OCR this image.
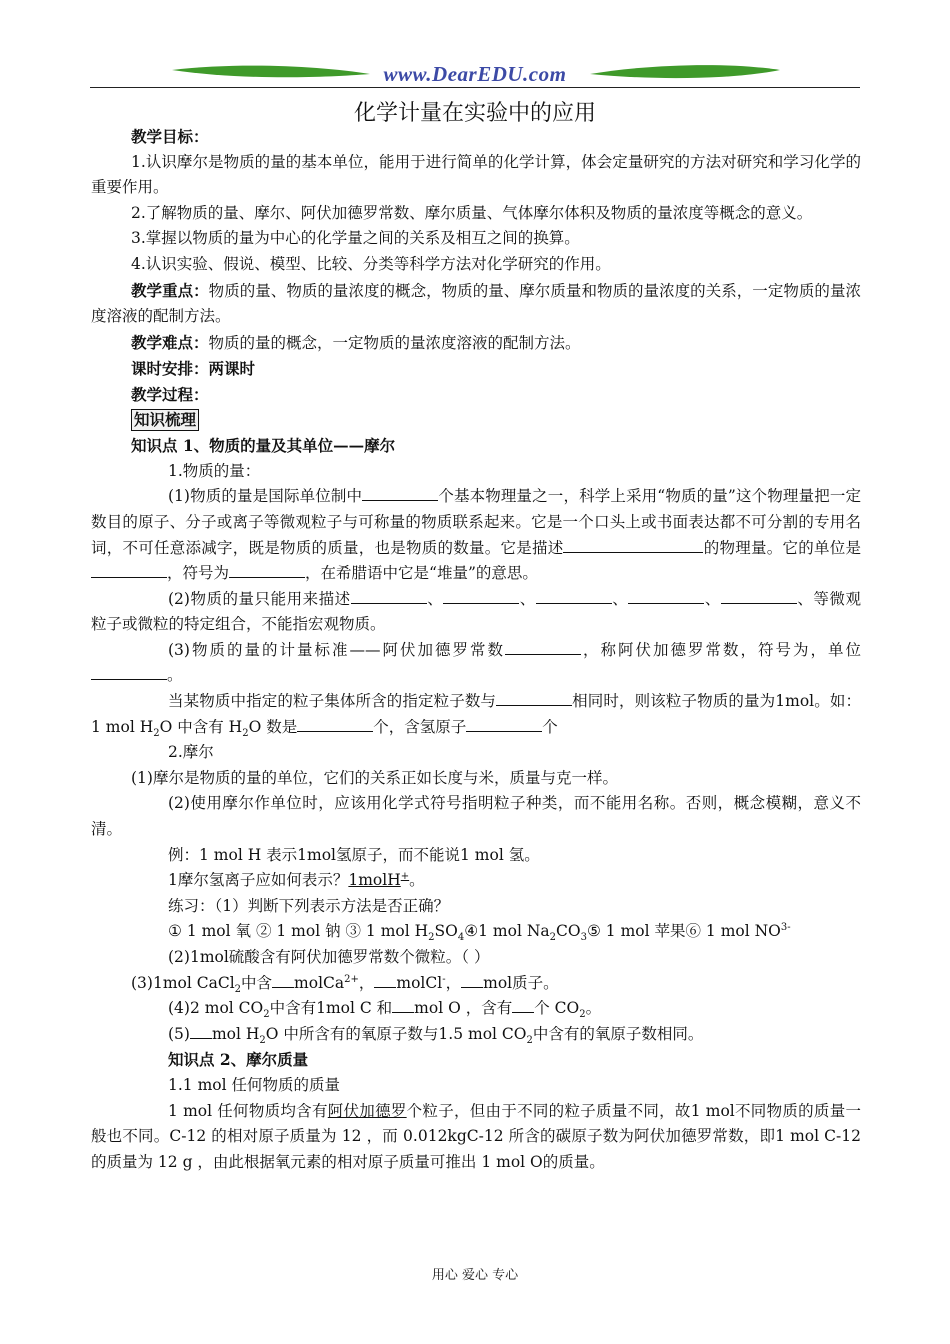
www.DearEDU.com
化学计量在实验中的应用

教学目标：

1.认识摩尔是物质的量的基本单位，能用于进行简单的化学计算，体会定量研究的方法对研究和学习化学的重要作用。

2.了解物质的量、摩尔、阿伏加德罗常数、摩尔质量、气体摩尔体积及物质的量浓度等概念的意义。

3.掌握以物质的量为中心的化学量之间的关系及相互之间的换算。

4.认识实验、假说、模型、比较、分类等科学方法对化学研究的作用。

教学重点：物质的量、物质的量浓度的概念，物质的量、摩尔质量和物质的量浓度的关系，一定物质的量浓度溶液的配制方法。

教学难点：物质的量的概念，一定物质的量浓度溶液的配制方法。

课时安排：两课时

教学过程：

知识梳理

知识点 1、物质的量及其单位——摩尔

1.物质的量：

(1)物质的量是国际单位制中	个基本物理量之一，科学上采用“物质的量”这个物理量把一定数目的原子、分子或离子等微观粒子与可称量的物质联系起来。它是一个口头上或书面表达都不可分割的专用名词，不可任意添减字，既是物质的质量，也是物质的数量。它是描述	的物理量。它的单位是，符号为	，在希腊语中它是“堆量”的意思。

(2)物质的量只能用来描述	、	、	、	、	、等微观粒子或微粒的特定组合，不能指宏观物质。

(3)物质的量的计量标准——阿伏加德罗常数	，称阿伏加德罗常数，符号为，单位。

当某物质中指定的粒子集体所含的指定粒子数与	相同时，则该粒子物质的量为1mol。如：1 mol $H_2O$ 中含有 $H_2O$ 数是	个，含氢原子	个

2.摩尔

(1)摩尔是物质的量的单位，它们的关系正如长度与米，质量与克一样。

(2)使用摩尔作单位时，应该用化学式符号指明粒子种类，而不能用名称。否则，概念模糊，意义不清。

例：1 mol H 表示1mol氢原子，而不能说1 mol 氢。

1摩尔氢离子应如何表示？1molH+。

练习：（1）判断下列表示方法是否正确？

① 1 mol 氧 ② 1 mol 钠 ③ 1 mol $H_2SO_4④1$ mol $Na_2CO_3⑤$ 1 mol 苹果⑥ 1 mol $NO^{3-}$

(2)1mol硫酸含有阿伏加德罗常数个微粒。（ ）

(3)1mol CaCl$_2$中含 molCa$^{2+}$， molCl-， mol质子。

(4)2 mol $CO_2$中含有1mol C 和 mol O ，含有 个 $CO_2$。

(5) mol $H_2O$ 中所含有的氧原子数与1.5 mol $CO_2$中含有的氧原子数相同。

知识点 2、摩尔质量

1.1 mol 任何物质的质量

1 mol 任何物质均含有阿伏加德罗个粒子，但由于不同的粒子质量不同，故1 mol不同物质的质量一般也不同。C-12 的相对原子质量为 12 ，而 0.012kgC-12 所含的碳原子数为阿伏加德罗常数，即1 mol C-12 的质量为 12 g ，由此根据氧元素的相对原子质量可推出 1 mol O的质量。

用心 爱心 专心
